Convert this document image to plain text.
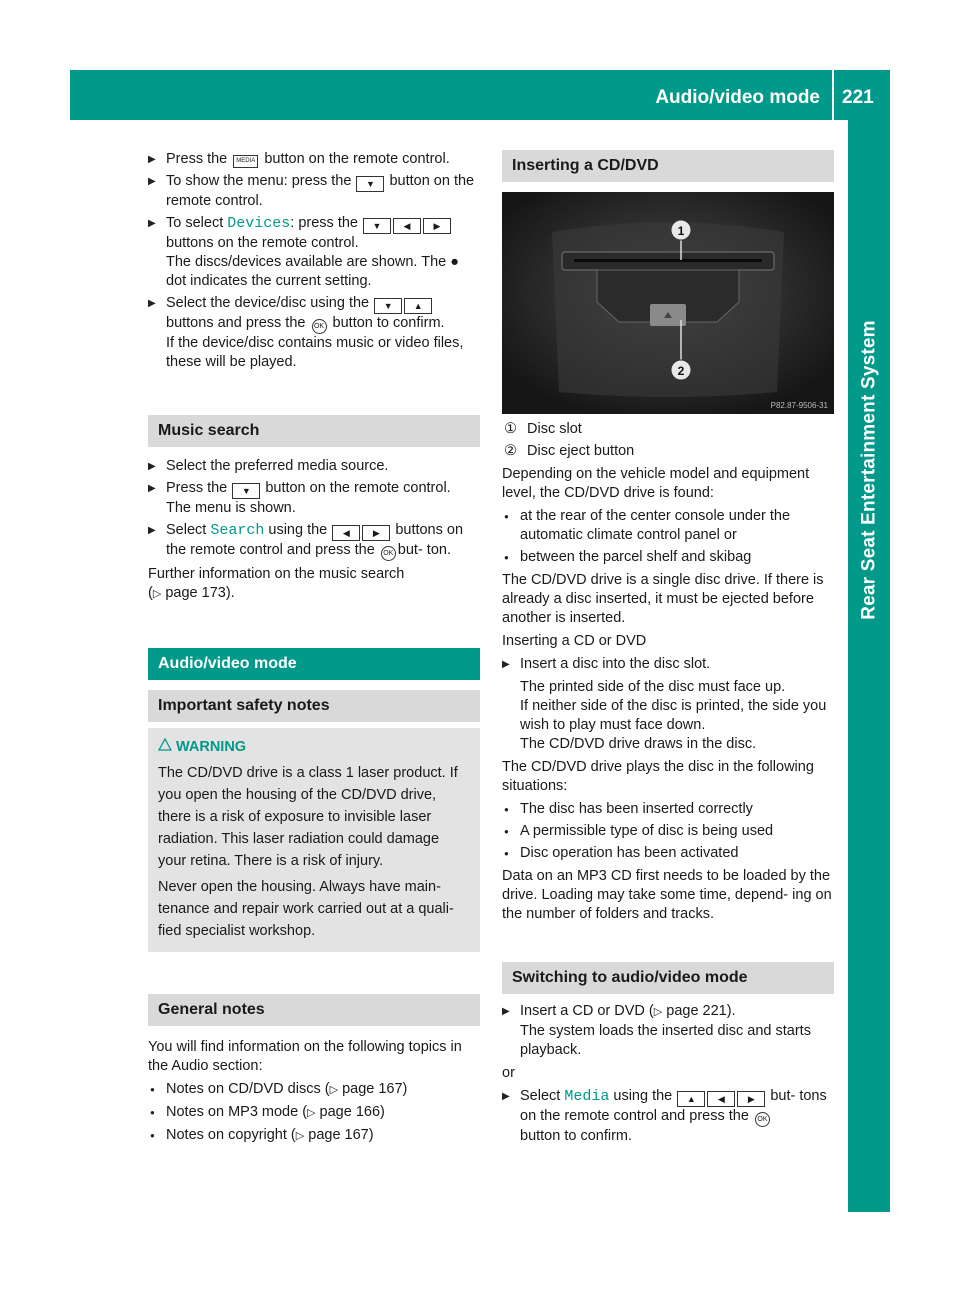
Audio/video mode 221
Rear Seat Entertainment System
▶ Press the MEDIA button on the remote control.
▶ To show the menu: press the ▼ button on the remote control.
▶ To select Devices: press the ▼ ◀	▶ buttons on the remote control.
The discs/devices available are shown. The ● dot indicates the current setting.
▶ Select the device/disc using the ▼ ▲ buttons and press the OK button to confirm.
If the device/disc contains music or video files, these will be played.
Music search
▶ Select the preferred media source.
▶ Press the ▼ button on the remote control.
The menu is shown.
▶ Select Search using the ◀	▶ buttons on the remote control and press the OK but- ton.
Further information on the music search
(▷ page 173).
Audio/video mode
Important safety notes
WARNING
The CD/DVD drive is a class 1 laser product. If you open the housing of the CD/DVD drive, there is a risk of exposure to invisible laser radiation. This laser radiation could damage your retina. There is a risk of injury.
Never open the housing. Always have main- tenance and repair work carried out at a quali- fied specialist workshop.
General notes
You will find information on the following topics in the Audio section:
● Notes on CD/DVD discs (▷ page 167)
● Notes on MP3 mode (▷ page 166)
● Notes on copyright (▷ page 167)
Inserting a CD/DVD
1
2
P82.87-9506-31
① Disc slot
② Disc eject button
Depending on the vehicle model and equipment level, the CD/DVD drive is found:
● at the rear of the center console under the automatic climate control panel or
● between the parcel shelf and skibag
The CD/DVD drive is a single disc drive. If there is already a disc inserted, it must be ejected before another is inserted.
Inserting a CD or DVD
▶ Insert a disc into the disc slot.
The printed side of the disc must face up.
If neither side of the disc is printed, the side you wish to play must face down.
The CD/DVD drive draws in the disc.
The CD/DVD drive plays the disc in the following situations:
● The disc has been inserted correctly
● A permissible type of disc is being used
● Disc operation has been activated
Data on an MP3 CD first needs to be loaded by the drive. Loading may take some time, depend- ing on the number of folders and tracks.
Switching to audio/video mode
▶ Insert a CD or DVD (▷ page 221).
The system loads the inserted disc and starts playback.
or
▶ Select Media using the ▲ ◀	▶ but- tons on the remote control and press the OK
button to confirm.
